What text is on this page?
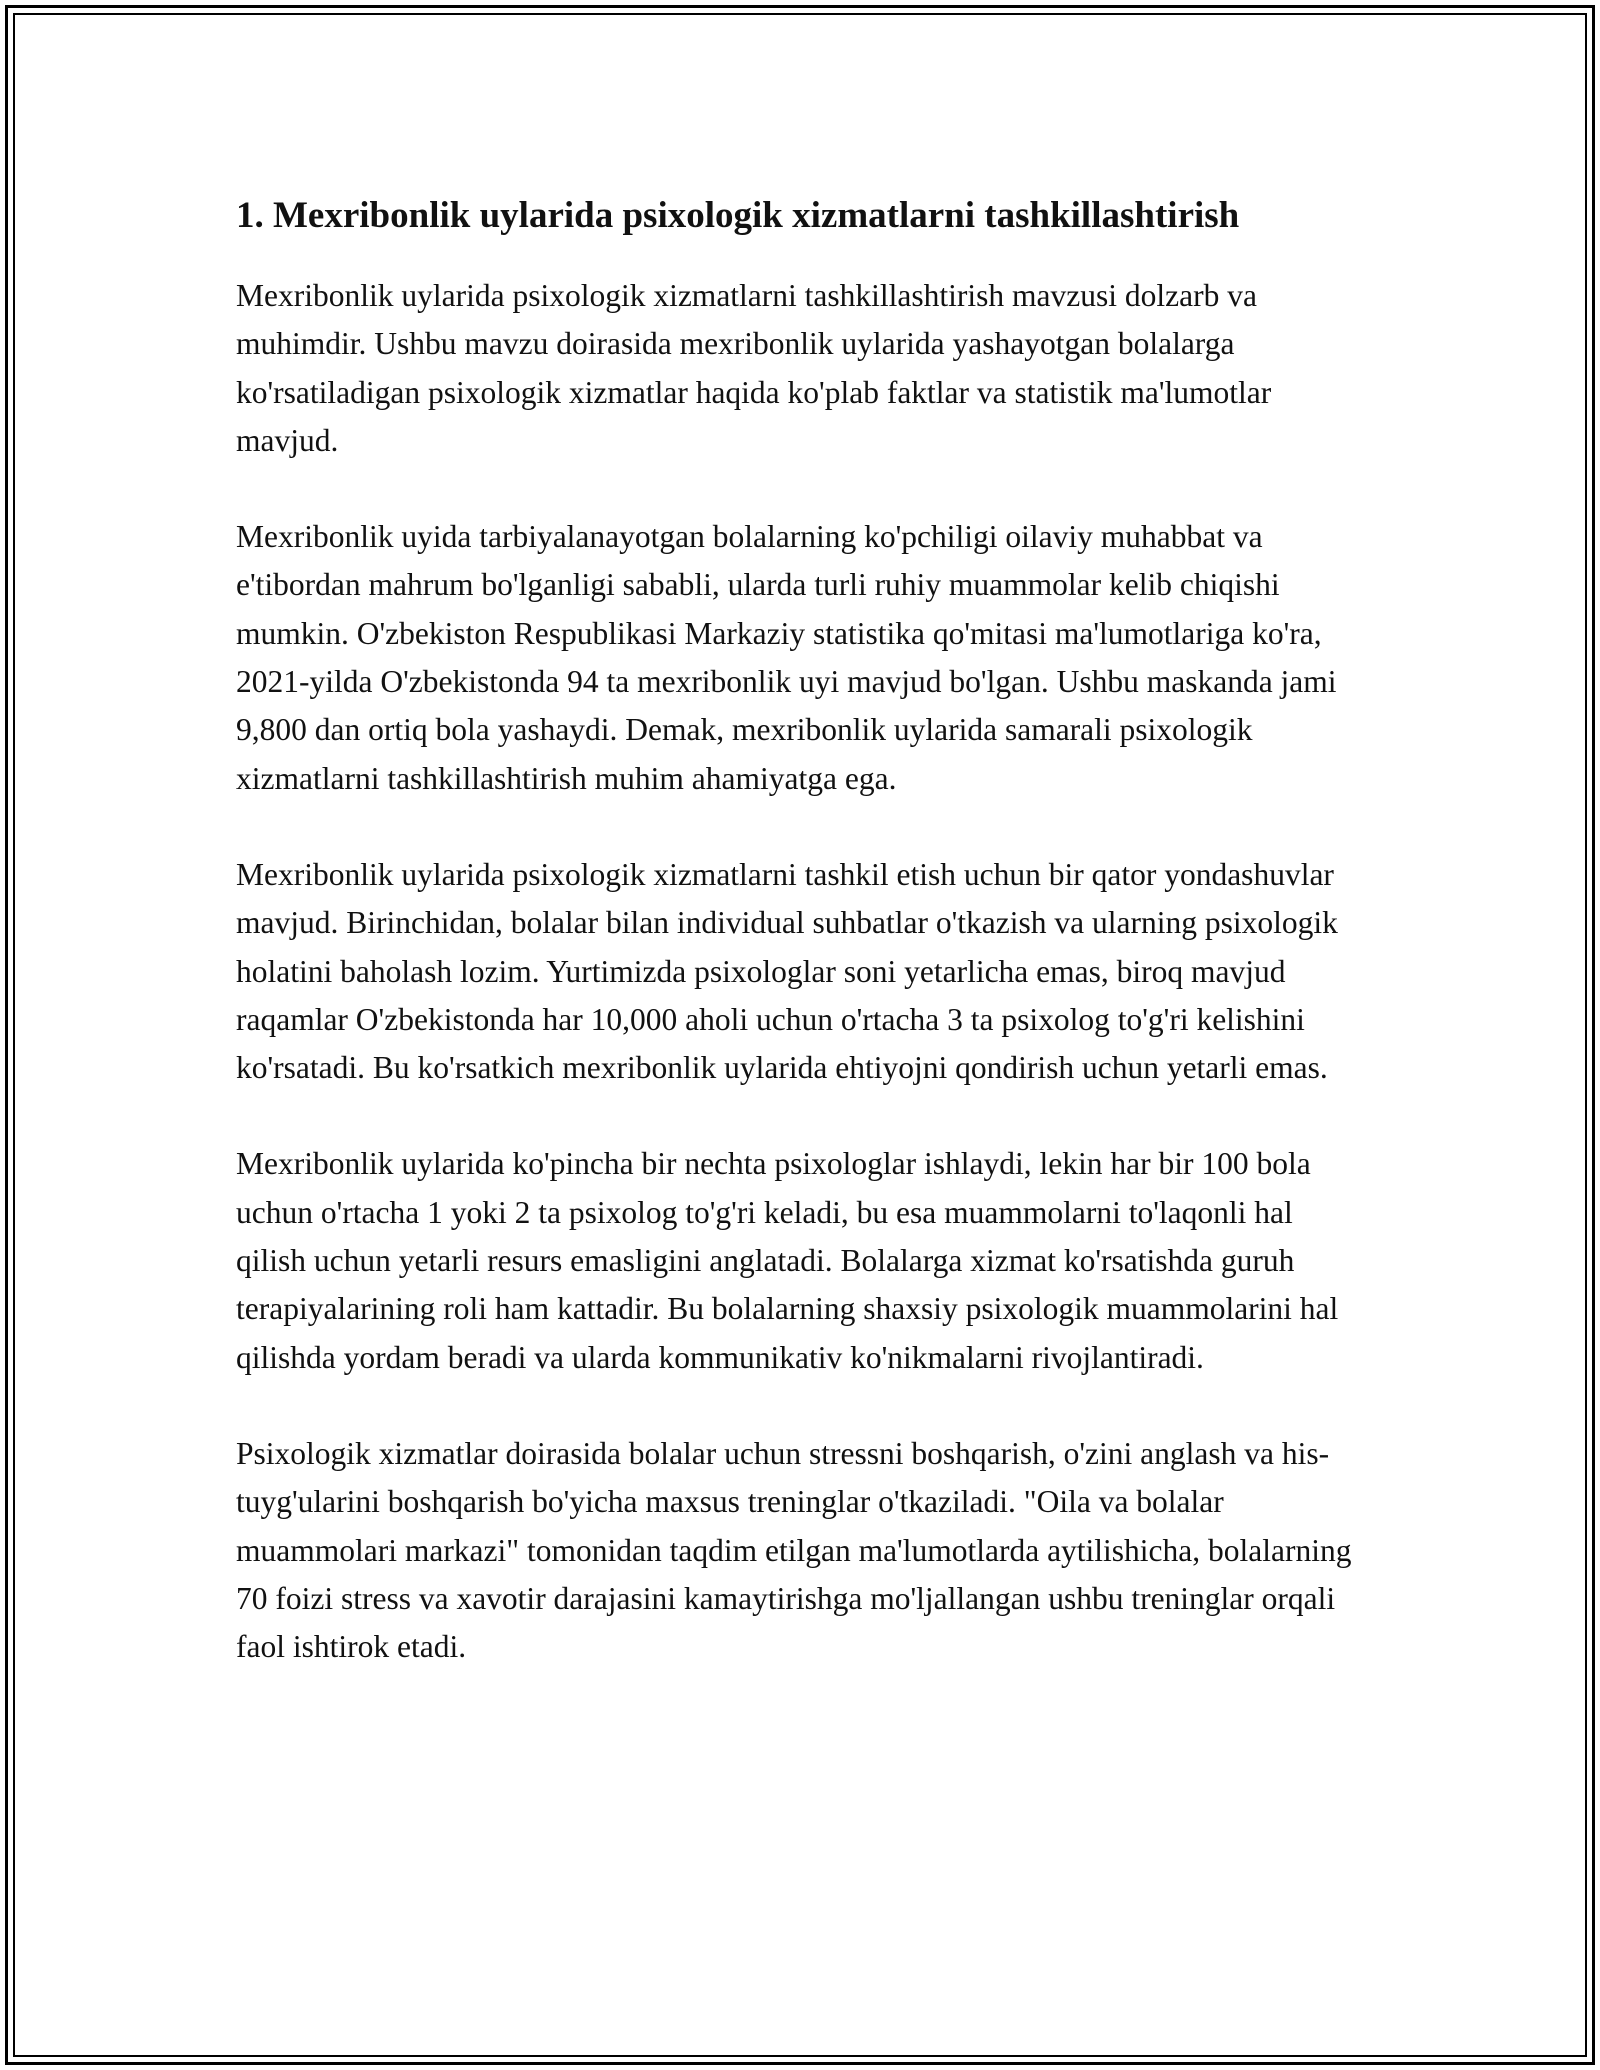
1. Mexribonlik uylarida psixologik xizmatlarni tashkillashtirish

Mexribonlik uylarida psixologik xizmatlarni tashkillashtirish mavzusi dolzarb va muhimdir. Ushbu mavzu doirasida mexribonlik uylarida yashayotgan bolalarga ko'rsatiladigan psixologik xizmatlar haqida ko'plab faktlar va statistik ma'lumotlar mavjud.

Mexribonlik uyida tarbiyalanayotgan bolalarning ko'pchiligi oilaviy muhabbat va e'tibordan mahrum bo'lganligi sababli, ularda turli ruhiy muammolar kelib chiqishi mumkin. O'zbekiston Respublikasi Markaziy statistika qo'mitasi ma'lumotlariga ko'ra, 2021-yilda O'zbekistonda 94 ta mexribonlik uyi mavjud bo'lgan. Ushbu maskanda jami 9,800 dan ortiq bola yashaydi. Demak, mexribonlik uylarida samarali psixologik xizmatlarni tashkillashtirish muhim ahamiyatga ega.

Mexribonlik uylarida psixologik xizmatlarni tashkil etish uchun bir qator yondashuvlar mavjud. Birinchidan, bolalar bilan individual suhbatlar o'tkazish va ularning psixologik holatini baholash lozim. Yurtimizda psixologlar soni yetarlicha emas, biroq mavjud raqamlar O'zbekistonda har 10,000 aholi uchun o'rtacha 3 ta psixolog to'g'ri kelishini ko'rsatadi. Bu ko'rsatkich mexribonlik uylarida ehtiyojni qondirish uchun yetarli emas.

Mexribonlik uylarida ko'pincha bir nechta psixologlar ishlaydi, lekin har bir 100 bola uchun o'rtacha 1 yoki 2 ta psixolog to'g'ri keladi, bu esa muammolarni to'laqonli hal qilish uchun yetarli resurs emasligini anglatadi. Bolalarga xizmat ko'rsatishda guruh terapiyalarining roli ham kattadir. Bu bolalarning shaxsiy psixologik muammolarini hal qilishda yordam beradi va ularda kommunikativ ko'nikmalarni rivojlantiradi.

Psixologik xizmatlar doirasida bolalar uchun stressni boshqarish, o'zini anglash va his-tuyg'ularini boshqarish bo'yicha maxsus treninglar o'tkaziladi. "Oila va bolalar muammolari markazi" tomonidan taqdim etilgan ma'lumotlarda aytilishicha, bolalarning 70 foizi stress va xavotir darajasini kamaytirishga mo'ljallangan ushbu treninglar orqali faol ishtirok etadi.
